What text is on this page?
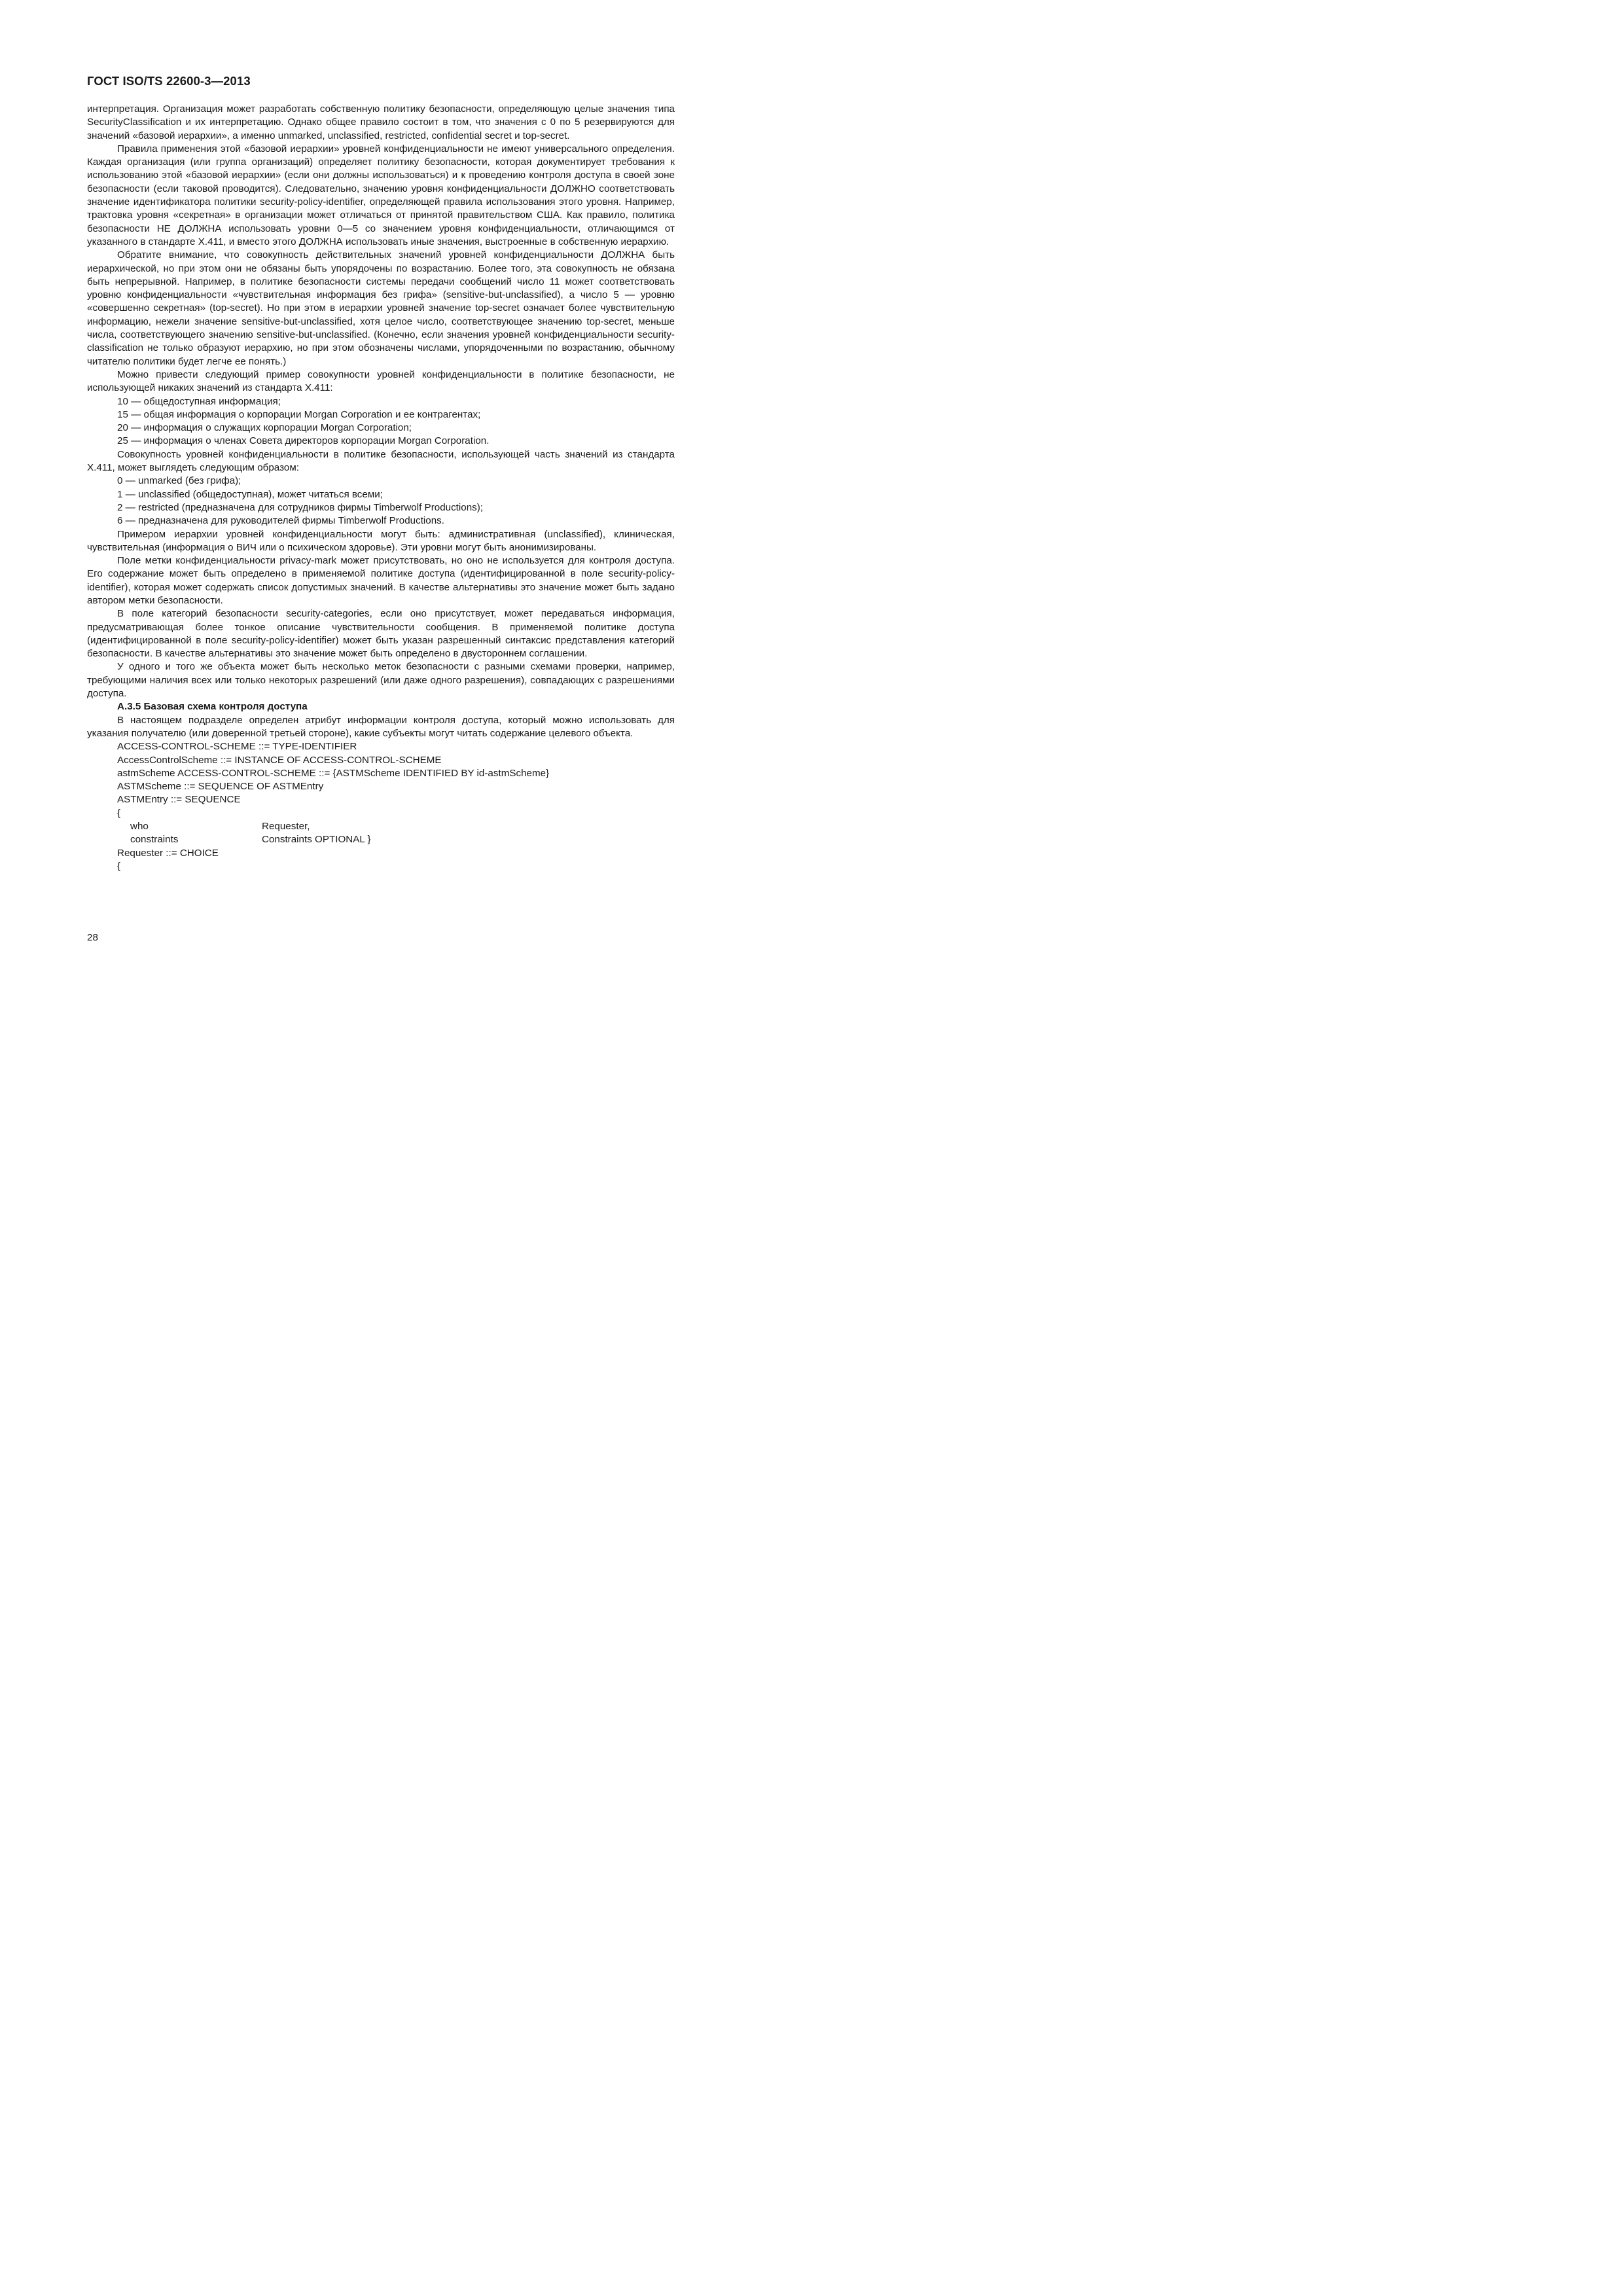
ГОСТ ISO/TS 22600-3—2013

интерпретация. Организация может разработать собственную политику безопасности, определяющую целые значения типа SecurityClassification и их интерпретацию. Однако общее правило состоит в том, что значения с 0 по 5 резервируются для значений «базовой иерархии», а именно unmarked, unclassified, restricted, confidential secret и top-secret.

Правила применения этой «базовой иерархии» уровней конфиденциальности не имеют универсального определения. Каждая организация (или группа организаций) определяет политику безопасности, которая документирует требования к использованию этой «базовой иерархии» (если они должны использоваться) и к проведению контроля доступа в своей зоне безопасности (если таковой проводится). Следовательно, значению уровня конфиденциальности ДОЛЖНО соответствовать значение идентификатора политики security-policy-identifier, определяющей правила использования этого уровня. Например, трактовка уровня «секретная» в организации может отличаться от принятой правительством США. Как правило, политика безопасности НЕ ДОЛЖНА использовать уровни 0—5 со значением уровня конфиденциальности, отличающимся от указанного в стандарте X.411, и вместо этого ДОЛЖНА использовать иные значения, выстроенные в собственную иерархию.

Обратите внимание, что совокупность действительных значений уровней конфиденциальности ДОЛЖНА быть иерархической, но при этом они не обязаны быть упорядочены по возрастанию. Более того, эта совокупность не обязана быть непрерывной. Например, в политике безопасности системы передачи сообщений число 11 может соответствовать уровню конфиденциальности «чувствительная информация без грифа» (sensitive-but-unclassified), а число 5 — уровню «совершенно секретная» (top-secret). Но при этом в иерархии уровней значение top-secret означает более чувствительную информацию, нежели значение sensitive-but-unclassified, хотя целое число, соответствующее значению top-secret, меньше числа, соответствующего значению sensitive-but-unclassified. (Конечно, если значения уровней конфиденциальности security-classification не только образуют иерархию, но при этом обозначены числами, упорядоченными по возрастанию, обычному читателю политики будет легче ее понять.)

Можно привести следующий пример совокупности уровней конфиденциальности в политике безопасности, не использующей никаких значений из стандарта X.411:

10 — общедоступная информация;

15 — общая информация о корпорации Morgan Corporation и ее контрагентах;

20 — информация о служащих корпорации Morgan Corporation;

25 — информация о членах Совета директоров корпорации Morgan Corporation.

Совокупность уровней конфиденциальности в политике безопасности, использующей часть значений из стандарта X.411, может выглядеть следующим образом:

0 — unmarked (без грифа);

1 — unclassified (общедоступная), может читаться всеми;

2 — restricted (предназначена для сотрудников фирмы Timberwolf Productions);

6 — предназначена для руководителей фирмы Timberwolf Productions.

Примером иерархии уровней конфиденциальности могут быть: административная (unclassified), клиническая, чувствительная (информация о ВИЧ или о психическом здоровье). Эти уровни могут быть анонимизированы.

Поле метки конфиденциальности privacy-mark может присутствовать, но оно не используется для контроля доступа. Его содержание может быть определено в применяемой политике доступа (идентифицированной в поле security-policy-identifier), которая может содержать список допустимых значений. В качестве альтернативы это значение может быть задано автором метки безопасности.

В поле категорий безопасности security-categories, если оно присутствует, может передаваться информация, предусматривающая более тонкое описание чувствительности сообщения. В применяемой политике доступа (идентифицированной в поле security-policy-identifier) может быть указан разрешенный синтаксис представления категорий безопасности. В качестве альтернативы это значение может быть определено в двустороннем соглашении.

У одного и того же объекта может быть несколько меток безопасности с разными схемами проверки, например, требующими наличия всех или только некоторых разрешений (или даже одного разрешения), совпадающих с разрешениями доступа.

А.3.5 Базовая схема контроля доступа

В настоящем подразделе определен атрибут информации контроля доступа, который можно использовать для указания получателю (или доверенной третьей стороне), какие субъекты могут читать содержание целевого объекта.

ACCESS-CONTROL-SCHEME ::= TYPE-IDENTIFIER

AccessControlScheme ::= INSTANCE OF ACCESS-CONTROL-SCHEME

astmScheme ACCESS-CONTROL-SCHEME ::= {ASTMScheme IDENTIFIED BY id-astmScheme}

ASTMScheme ::= SEQUENCE OF ASTMEntry

ASTMEntry ::= SEQUENCE

{

who	Requester,

constraints	Constraints OPTIONAL }

Requester ::= CHOICE

{

28
